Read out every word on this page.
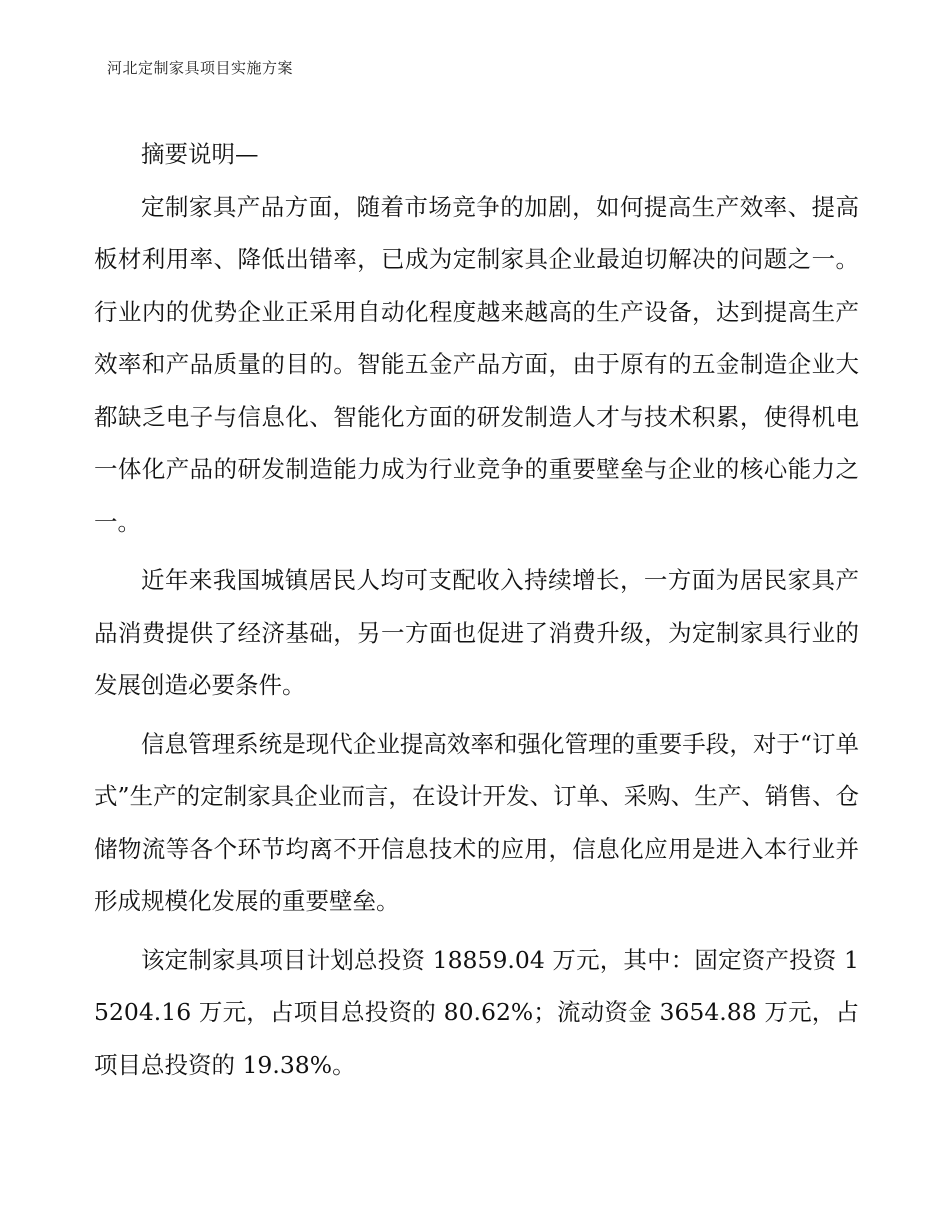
河北定制家具项目实施方案

摘要说明—

定制家具产品方面，随着市场竞争的加剧，如何提高生产效率、提高板材利用率、降低出错率，已成为定制家具企业最迫切解决的问题之一。行业内的优势企业正采用自动化程度越来越高的生产设备，达到提高生产效率和产品质量的目的。智能五金产品方面，由于原有的五金制造企业大都缺乏电子与信息化、智能化方面的研发制造人才与技术积累，使得机电一体化产品的研发制造能力成为行业竞争的重要壁垒与企业的核心能力之一。

近年来我国城镇居民人均可支配收入持续增长，一方面为居民家具产品消费提供了经济基础，另一方面也促进了消费升级，为定制家具行业的发展创造必要条件。

信息管理系统是现代企业提高效率和强化管理的重要手段，对于“订单式”生产的定制家具企业而言，在设计开发、订单、采购、生产、销售、仓储物流等各个环节均离不开信息技术的应用，信息化应用是进入本行业并形成规模化发展的重要壁垒。

该定制家具项目计划总投资 18859.04 万元，其中：固定资产投资 15204.16 万元，占项目总投资的 80.62%；流动资金 3654.88 万元，占项目总投资的 19.38%。
